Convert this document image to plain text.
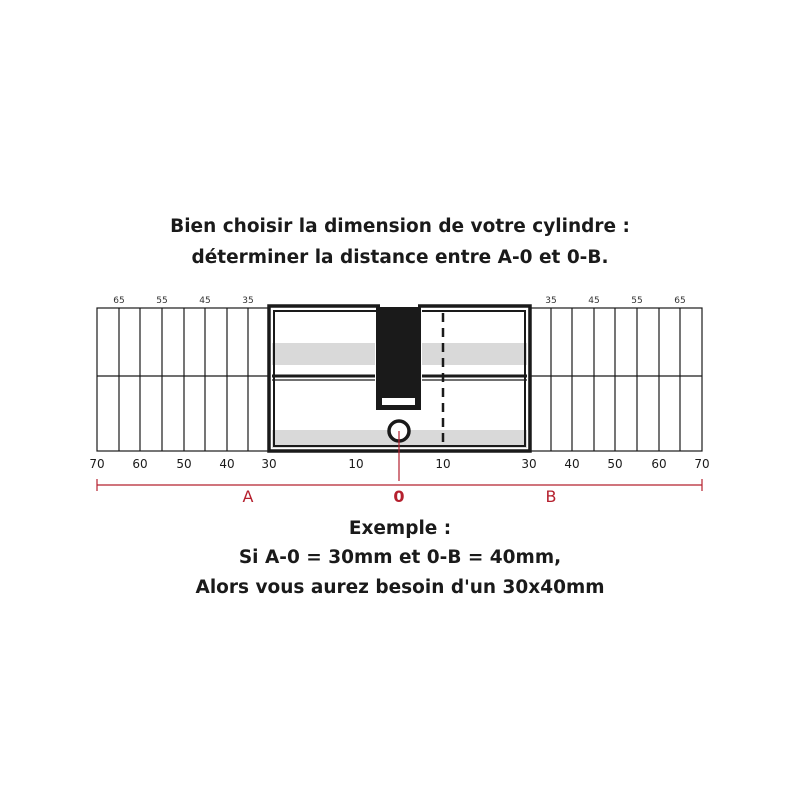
Bien choisir la dimension de votre cylindre :
déterminer la distance entre A-0 et 0-B.
65	55	45	35	35	45	55	65
70 60 50 40 30	10	10	30 40 50 60 70
A	0	B
Exemple :
Si A-0 = 30mm et 0-B = 40mm,
Alors vous aurez besoin d'un 30x40mm
